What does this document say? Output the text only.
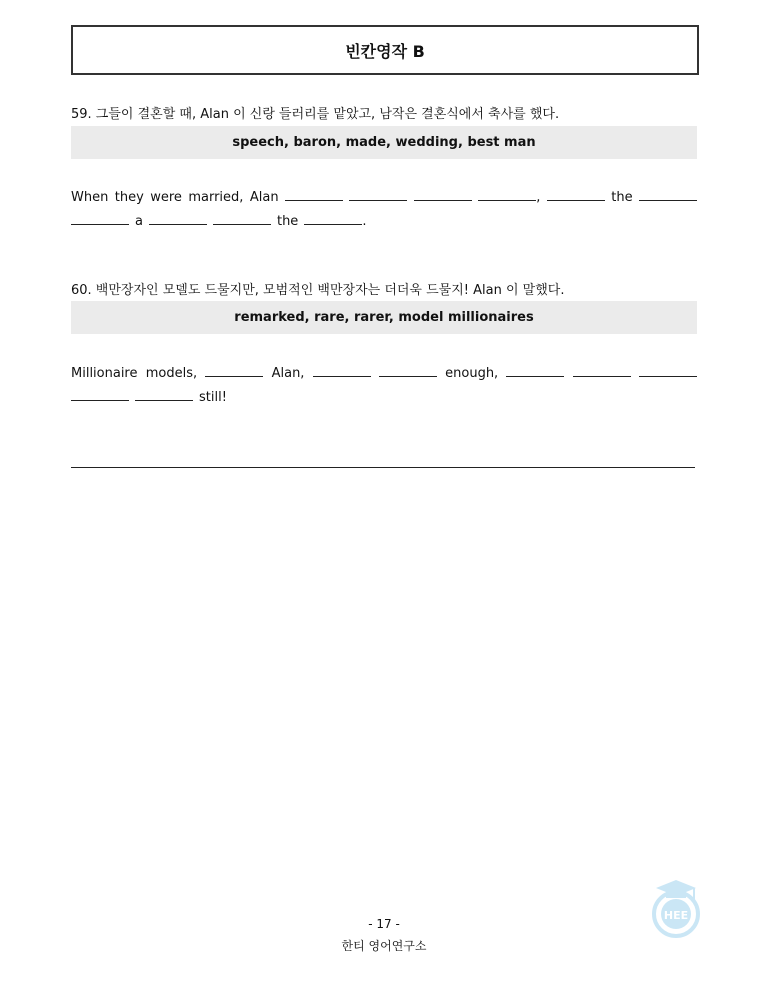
빈칸영작 B
59. 그들이 결혼할 때, Alan 이 신랑 들러리를 맡았고, 남작은 결혼식에서 축사를 했다.
speech, baron, made, wedding, best man
When they were married, Alan	,	the
a	the	.
60. 백만장자인 모델도 드물지만, 모범적인 백만장자는 더더욱 드물지! Alan 이 말했다.
remarked, rare, rarer, model millionaires
Millionaire models,	Alan,	enough,
still!
- 17 -
한티 영어연구소
HEE
